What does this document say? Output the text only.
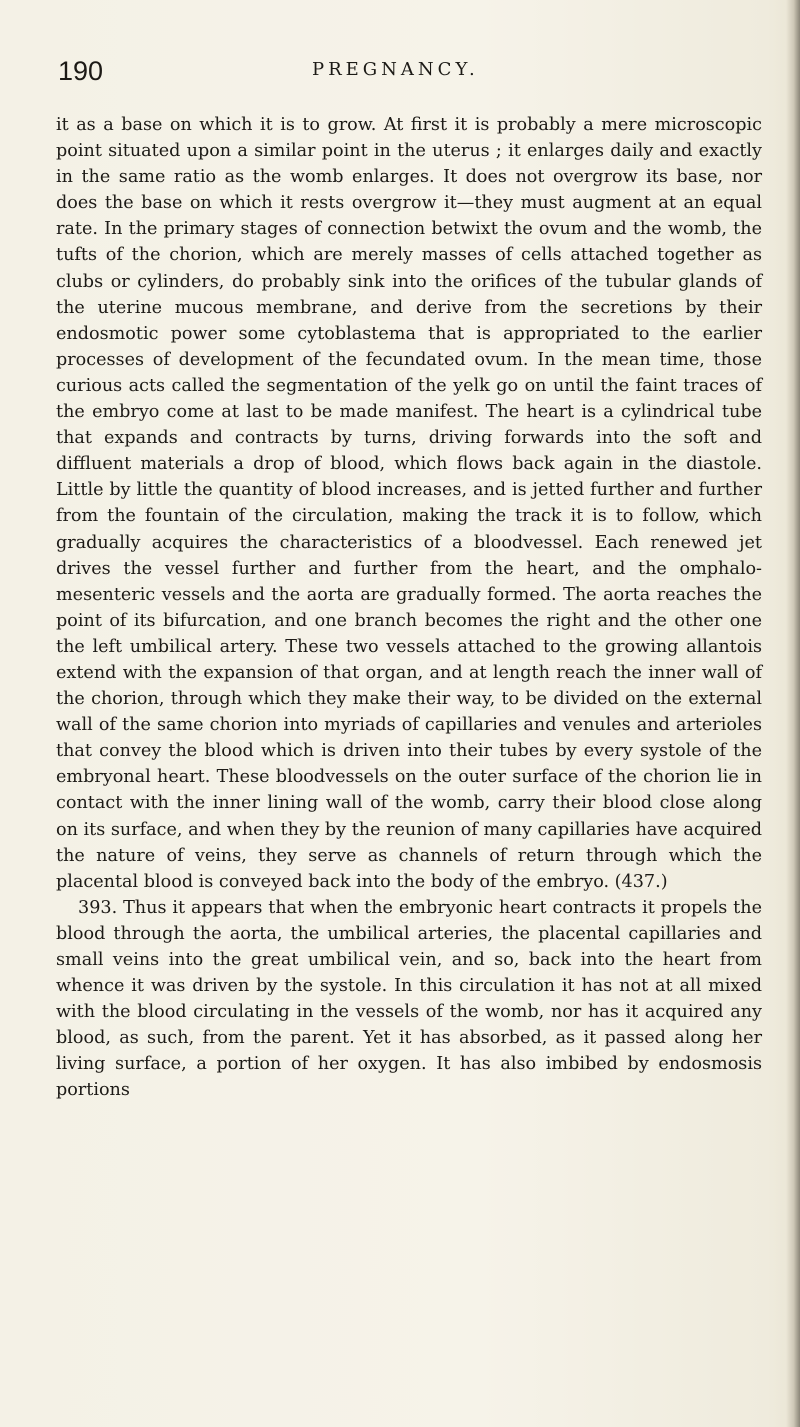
190	PREGNANCY.

it as a base on which it is to grow. At first it is probably a mere microscopic point situated upon a similar point in the uterus ; it enlarges daily and exactly in the same ratio as the womb enlarges. It does not overgrow its base, nor does the base on which it rests overgrow it—they must augment at an equal rate. In the primary stages of connection betwixt the ovum and the womb, the tufts of the chorion, which are merely masses of cells attached together as clubs or cylinders, do probably sink into the orifices of the tubular glands of the uterine mucous membrane, and derive from the secretions by their endosmotic power some cytoblastema that is appropriated to the earlier processes of development of the fecundated ovum. In the mean time, those curious acts called the segmentation of the yelk go on until the faint traces of the embryo come at last to be made manifest. The heart is a cylindrical tube that expands and contracts by turns, driving forwards into the soft and diffluent materials a drop of blood, which flows back again in the diastole. Little by little the quantity of blood increases, and is jetted further and further from the fountain of the circulation, making the track it is to follow, which gradually acquires the characteristics of a bloodvessel. Each renewed jet drives the vessel further and further from the heart, and the omphalo-mesenteric vessels and the aorta are gradually formed. The aorta reaches the point of its bifurcation, and one branch becomes the right and the other one the left umbilical artery. These two vessels attached to the growing allantois extend with the expansion of that organ, and at length reach the inner wall of the chorion, through which they make their way, to be divided on the external wall of the same chorion into myriads of capillaries and venules and arterioles that convey the blood which is driven into their tubes by every systole of the embryonal heart. These bloodvessels on the outer surface of the chorion lie in contact with the inner lining wall of the womb, carry their blood close along on its surface, and when they by the reunion of many capillaries have acquired the nature of veins, they serve as channels of return through which the placental blood is conveyed back into the body of the embryo. (437.)

393. Thus it appears that when the embryonic heart contracts it propels the blood through the aorta, the umbilical arteries, the placental capillaries and small veins into the great umbilical vein, and so, back into the heart from whence it was driven by the systole. In this circulation it has not at all mixed with the blood circulating in the vessels of the womb, nor has it acquired any blood, as such, from the parent. Yet it has absorbed, as it passed along her living surface, a portion of her oxygen. It has also imbibed by endosmosis portions
